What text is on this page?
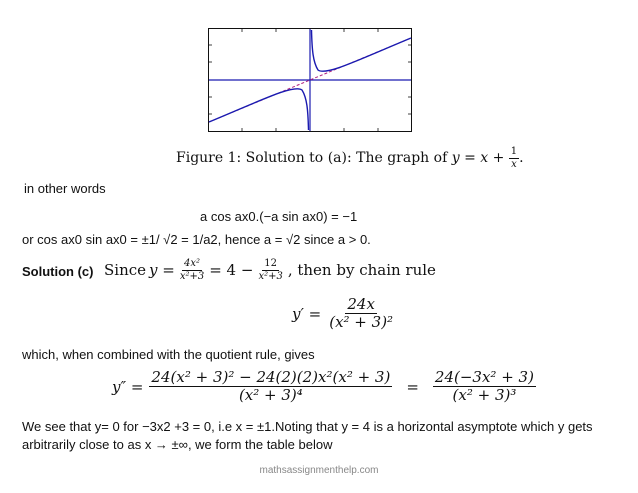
Figure 1: Solution to (a): The graph of $y = x + \frac{1}{x}$ .
in other words
a cos ax0.(−a sin ax0) = −1
or cos ax0 sin ax0 = ±1/ √2 = 1/a2, hence a = √2 since a > 0.
Solution (c) Since $y = \frac{\text{4x²}}{\text{x²+3}} = 4 - \frac{12}{\text{x²+3}}$ , then by chain rule
$y' = \frac{24x}{\text{(x² + 3)²}}$
which, when combined with the quotient rule, gives
$y'' = \frac{\text{24(x² + 3)² − 24(2)(2)x²(x² + 3)}}{\text{(x² + 3)⁴}} = \frac{\text{24(−3x² + 3)}}{\text{(x² + 3)³}}$
We see that y= 0 for −3x2 +3 = 0, i.e x = ±1.Noting that y = 4 is a horizontal asymptote which y gets
arbitrarily close to as x → ±∞, we form the table below
mathsassignmenthelp.com
